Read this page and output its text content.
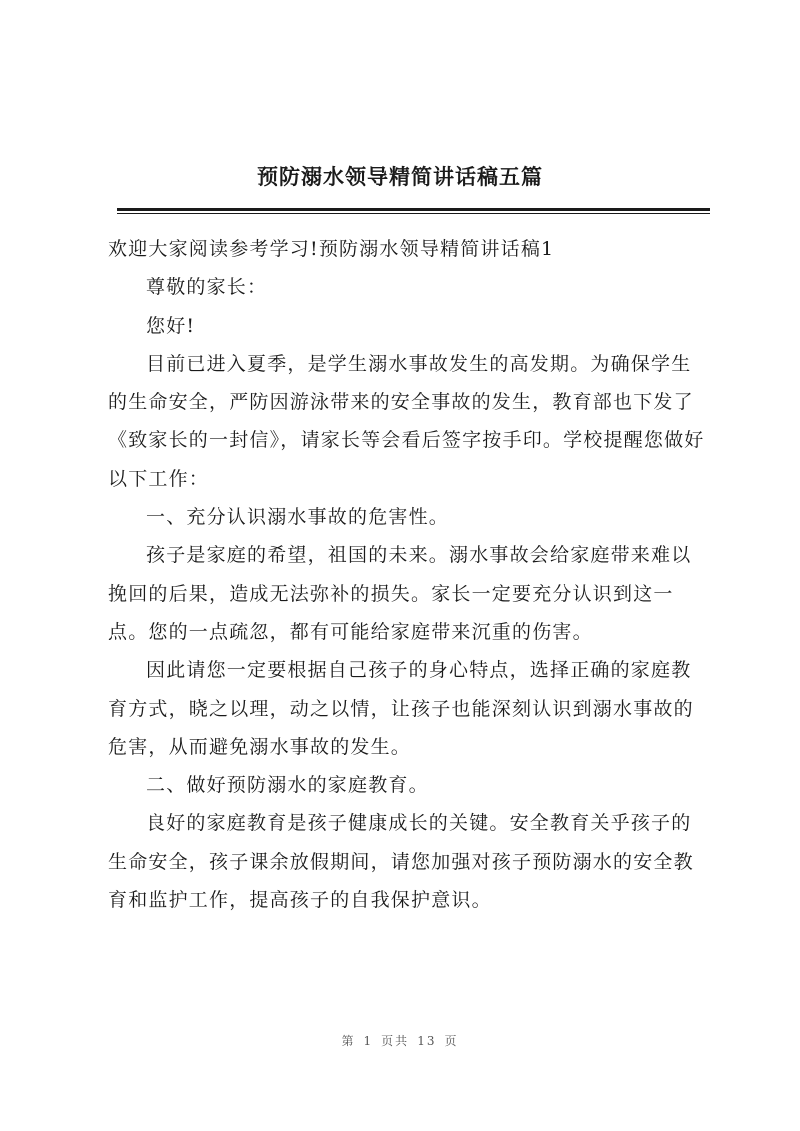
预防溺水领导精简讲话稿五篇

欢迎大家阅读参考学习!预防溺水领导精简讲话稿1

尊敬的家长：

您好!

目前已进入夏季，是学生溺水事故发生的高发期。为确保学生的生命安全，严防因游泳带来的安全事故的发生，教育部也下发了《致家长的一封信》，请家长等会看后签字按手印。学校提醒您做好以下工作：

一、充分认识溺水事故的危害性。

孩子是家庭的希望，祖国的未来。溺水事故会给家庭带来难以挽回的后果，造成无法弥补的损失。家长一定要充分认识到这一点。您的一点疏忽，都有可能给家庭带来沉重的伤害。

因此请您一定要根据自己孩子的身心特点，选择正确的家庭教育方式，晓之以理，动之以情，让孩子也能深刻认识到溺水事故的危害，从而避免溺水事故的发生。

二、做好预防溺水的家庭教育。

良好的家庭教育是孩子健康成长的关键。安全教育关乎孩子的生命安全，孩子课余放假期间，请您加强对孩子预防溺水的安全教育和监护工作，提高孩子的自我保护意识。

第 1 页共 13 页
